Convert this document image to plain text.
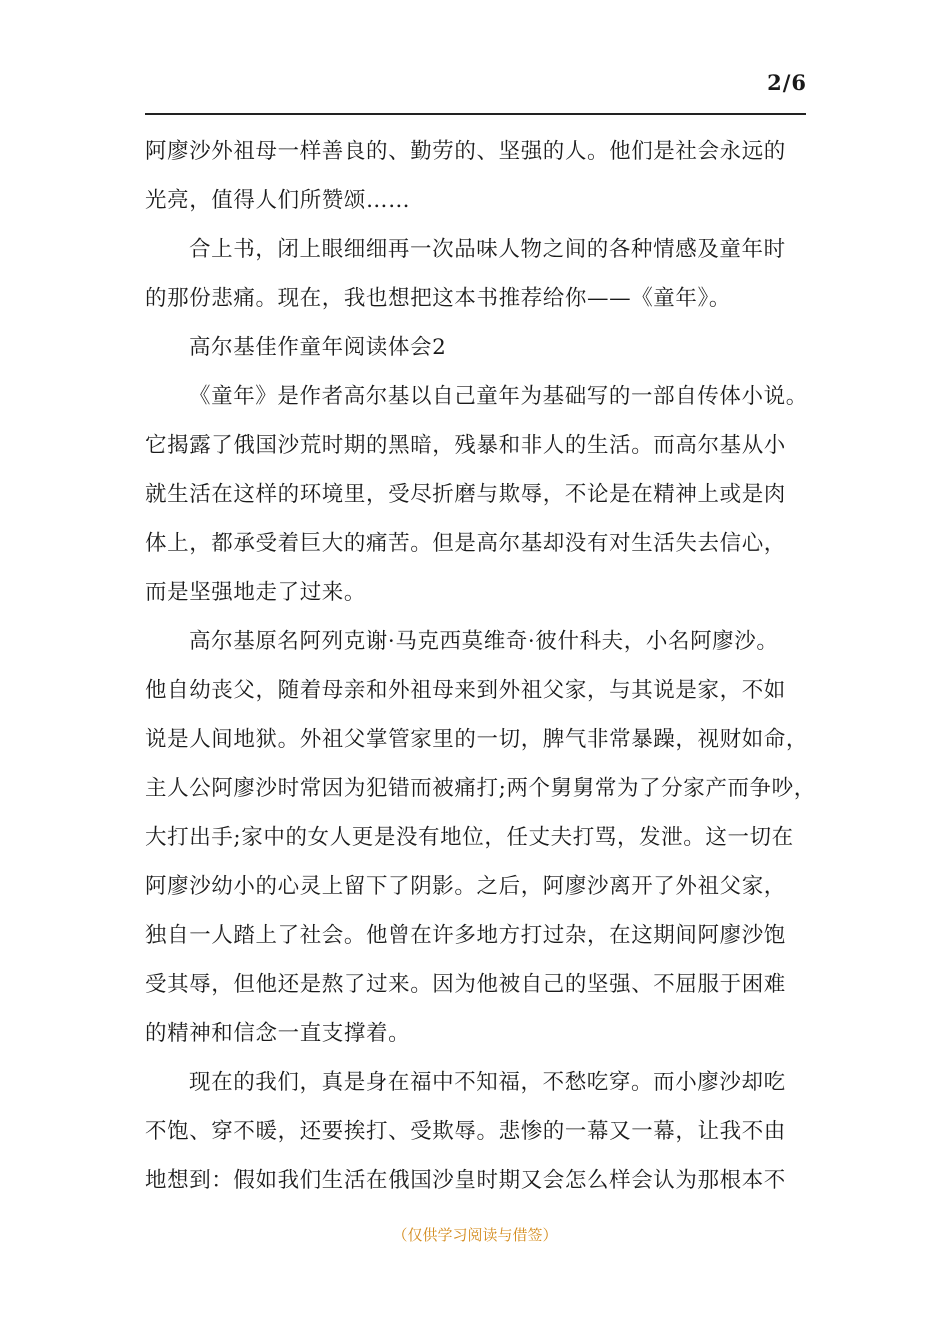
2/6
阿廖沙外祖母一样善良的、勤劳的、坚强的人。他们是社会永远的
光亮，值得人们所赞颂……
合上书，闭上眼细细再一次品味人物之间的各种情感及童年时
的那份悲痛。现在，我也想把这本书推荐给你——《童年》。
高尔基佳作童年阅读体会2
《童年》是作者高尔基以自己童年为基础写的一部自传体小说。
它揭露了俄国沙荒时期的黑暗，残暴和非人的生活。而高尔基从小
就生活在这样的环境里，受尽折磨与欺辱，不论是在精神上或是肉
体上，都承受着巨大的痛苦。但是高尔基却没有对生活失去信心，
而是坚强地走了过来。
高尔基原名阿列克谢·马克西莫维奇·彼什科夫，小名阿廖沙。
他自幼丧父，随着母亲和外祖母来到外祖父家，与其说是家，不如
说是人间地狱。外祖父掌管家里的一切，脾气非常暴躁，视财如命，
主人公阿廖沙时常因为犯错而被痛打;两个舅舅常为了分家产而争吵，
大打出手;家中的女人更是没有地位，任丈夫打骂，发泄。这一切在
阿廖沙幼小的心灵上留下了阴影。之后，阿廖沙离开了外祖父家，
独自一人踏上了社会。他曾在许多地方打过杂，在这期间阿廖沙饱
受其辱，但他还是熬了过来。因为他被自己的坚强、不屈服于困难
的精神和信念一直支撑着。
现在的我们，真是身在福中不知福，不愁吃穿。而小廖沙却吃
不饱、穿不暖，还要挨打、受欺辱。悲惨的一幕又一幕，让我不由
地想到：假如我们生活在俄国沙皇时期又会怎么样会认为那根本不
（仅供学习阅读与借签）
